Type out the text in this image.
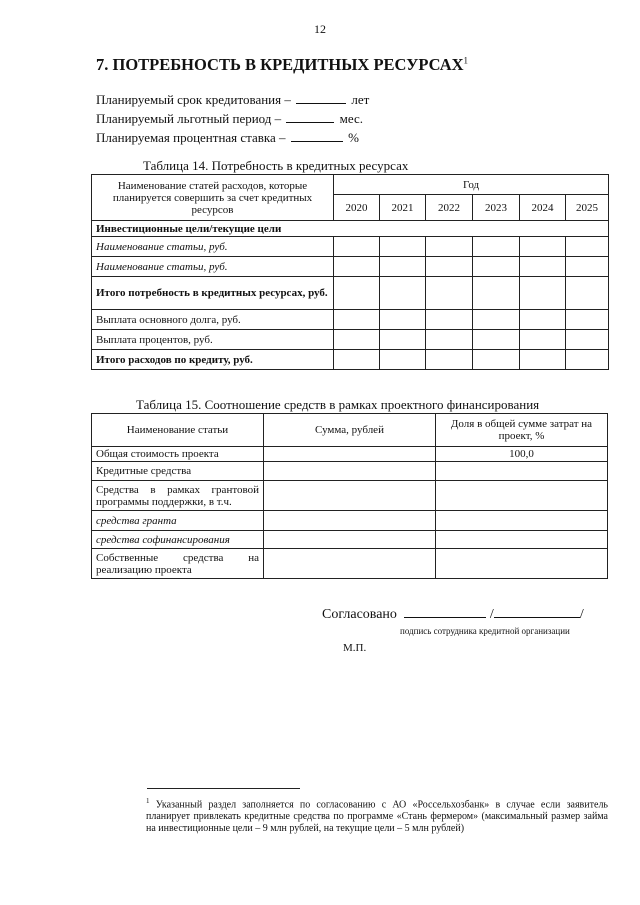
12
7. ПОТРЕБНОСТЬ В КРЕДИТНЫХ РЕСУРСАХ$^1$
Планируемый срок кредитования –	лет
Планируемый льготный период –	мес.
Планируемая процентная ставка –	%
Таблица 14. Потребность в кредитных ресурсах
Наименование статей расходов, которые планируется совершить за счет кредитных ресурсов	Год					
	2020	2021	2022	2023	2024	2025
Инвестиционные цели/текущие цели						
Наименование статьи, руб.						
Наименование статьи, руб.						
Итого потребность в кредитных ресурсах, руб.						
Выплата основного долга, руб.						
Выплата процентов, руб.						
Итого расходов по кредиту, руб.						
Таблица 15. Соотношение средств в рамках проектного финансирования
Наименование статьи	Сумма, рублей	Доля в общей сумме затрат на проект, %
Общая стоимость проекта		100,0
Кредитные средства		
Средства в рамках грантовой программы поддержки, в т.ч.		
средства гранта		
средства софинансирования		
Собственные средства на реализацию проекта		
Согласовано	/	/
подпись сотрудника кредитной организации
М.П.
$^1$ Указанный раздел заполняется по согласованию с АО «Россельхозбанк» в случае если заявитель планирует привлекать кредитные средства по программе «Стань фермером» (максимальный размер займа на инвестиционные цели – 9 млн рублей, на текущие цели – 5 млн рублей)
